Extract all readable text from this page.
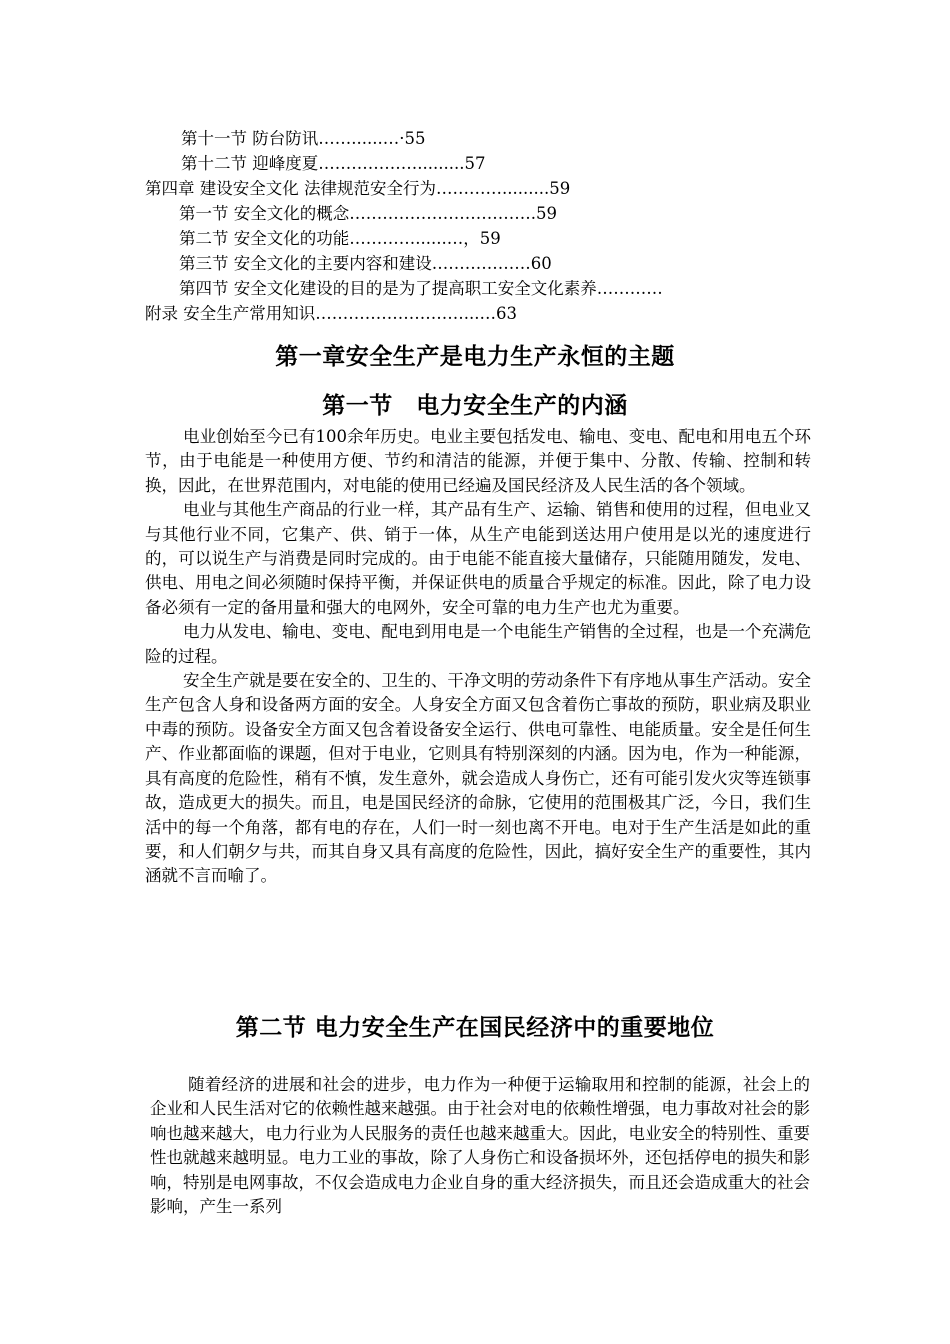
第十一节 防台防讯……......…·55
第十二节 迎峰度夏……………….........57
第四章 建设安全文化 法律规范安全行为………….........59
第一节 安全文化的概念…………………………….59
第二节 安全文化的功能…………......…，59
第三节 安全文化的主要内容和建设………………60
第四节 安全文化建设的目的是为了提高职工安全文化素养…………
附录 安全生产常用知识………………………...…63
第一章安全生产是电力生产永恒的主题
第一节　电力安全生产的内涵

电业创始至今已有100余年历史。电业主要包括发电、输电、变电、配电和用电五个环节，由于电能是一种使用方便、节约和清洁的能源，并便于集中、分散、传输、控制和转换，因此，在世界范围内，对电能的使用已经遍及国民经济及人民生活的各个领域。

电业与其他生产商品的行业一样，其产品有生产、运输、销售和使用的过程，但电业又与其他行业不同，它集产、供、销于一体，从生产电能到送达用户使用是以光的速度进行的，可以说生产与消费是同时完成的。由于电能不能直接大量储存，只能随用随发，发电、供电、用电之间必须随时保持平衡，并保证供电的质量合乎规定的标准。因此，除了电力设备必须有一定的备用量和强大的电网外，安全可靠的电力生产也尤为重要。

电力从发电、输电、变电、配电到用电是一个电能生产销售的全过程，也是一个充满危险的过程。

安全生产就是要在安全的、卫生的、干净文明的劳动条件下有序地从事生产活动。安全生产包含人身和设备两方面的安全。人身安全方面又包含着伤亡事故的预防，职业病及职业中毒的预防。设备安全方面又包含着设备安全运行、供电可靠性、电能质量。安全是任何生产、作业都面临的课题，但对于电业，它则具有特别深刻的内涵。因为电，作为一种能源，具有高度的危险性，稍有不慎，发生意外，就会造成人身伤亡，还有可能引发火灾等连锁事故，造成更大的损失。而且，电是国民经济的命脉，它使用的范围极其广泛，今日，我们生活中的每一个角落，都有电的存在，人们一时一刻也离不开电。电对于生产生活是如此的重要，和人们朝夕与共，而其自身又具有高度的危险性，因此，搞好安全生产的重要性，其内涵就不言而喻了。

第二节 电力安全生产在国民经济中的重要地位

随着经济的进展和社会的进步，电力作为一种便于运输取用和控制的能源，社会上的企业和人民生活对它的依赖性越来越强。由于社会对电的依赖性增强，电力事故对社会的影响也越来越大，电力行业为人民服务的责任也越来越重大。因此，电业安全的特别性、重要性也就越来越明显。电力工业的事故，除了人身伤亡和设备损坏外，还包括停电的损失和影响，特别是电网事故，不仅会造成电力企业自身的重大经济损失，而且还会造成重大的社会影响，产生一系列
